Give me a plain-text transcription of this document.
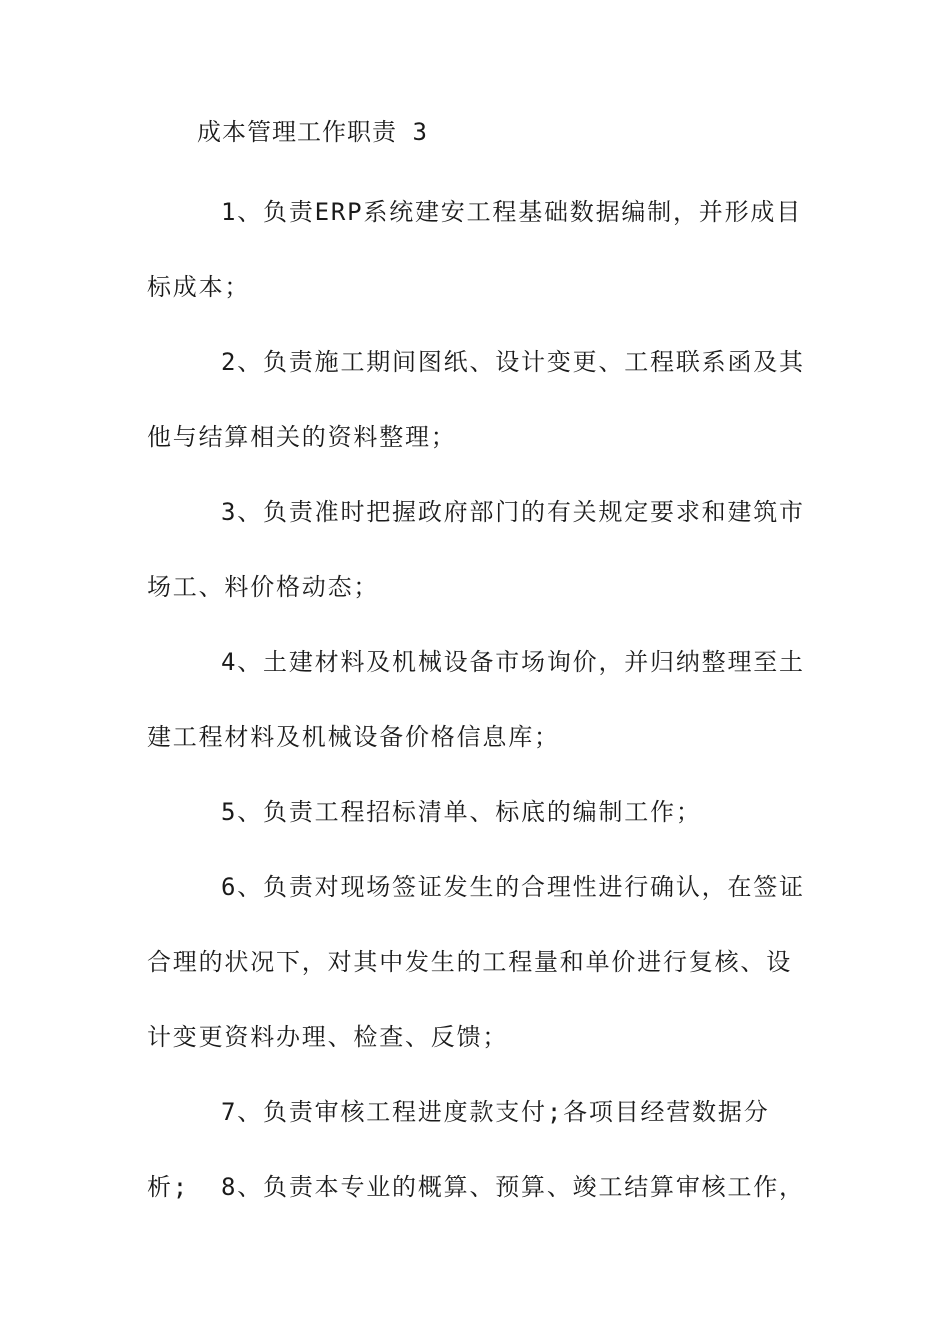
成本管理工作职责 3

1、负责ERP系统建安工程基础数据编制，并形成目标成本；

2、负责施工期间图纸、设计变更、工程联系函及其他与结算相关的资料整理；

3、负责准时把握政府部门的有关规定要求和建筑市场工、料价格动态；

4、土建材料及机械设备市场询价，并归纳整理至土建工程材料及机械设备价格信息库；

5、负责工程招标清单、标底的编制工作；

6、负责对现场签证发生的合理性进行确认，在签证合理的状况下，对其中发生的工程量和单价进行复核、设计变更资料办理、检查、反馈；

7、负责审核工程进度款支付;各项目经营数据分析;	8、负责本专业的概算、预算、竣工结算审核工作，
